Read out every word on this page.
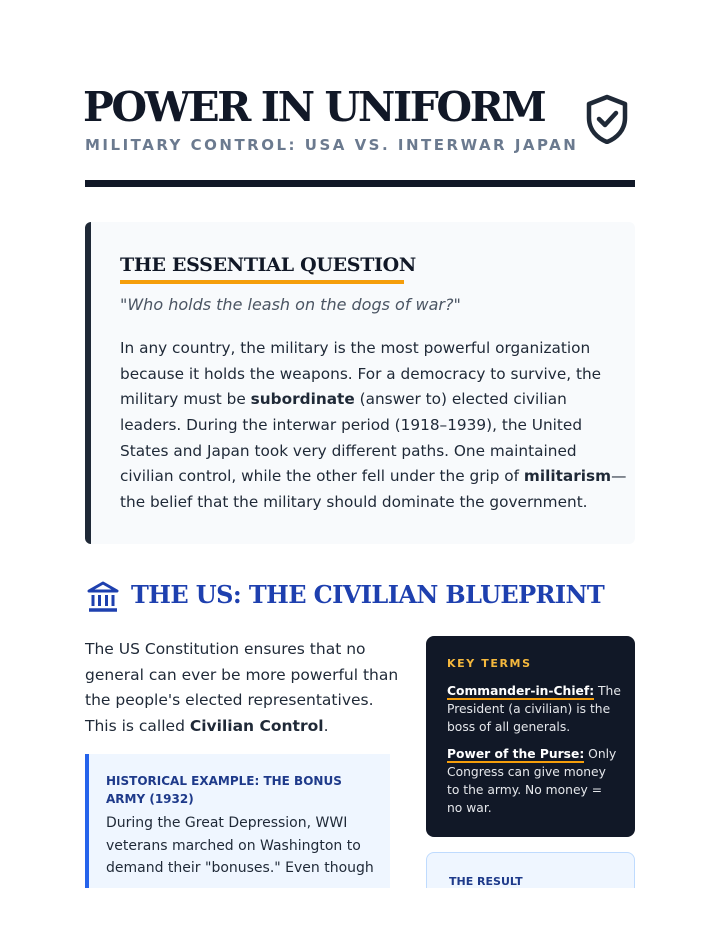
POWER IN UNIFORM
MILITARY CONTROL: USA VS. INTERWAR JAPAN
THE ESSENTIAL QUESTION
"Who holds the leash on the dogs of war?"
In any country, the military is the most powerful organization
because it holds the weapons. For a democracy to survive, the
military must be subordinate (answer to) elected civilian
leaders. During the interwar period (1918–1939), the United
States and Japan took very different paths. One maintained
civilian control, while the other fell under the grip of militarism—
the belief that the military should dominate the government.
THE US: THE CIVILIAN BLUEPRINT
The US Constitution ensures that no
general can ever be more powerful than
the people's elected representatives.
This is called Civilian Control.
HISTORICAL EXAMPLE: THE BONUS ARMY (1932)
During the Great Depression, WWI
veterans marched on Washington to
demand their "bonuses." Even though
KEY TERMS
Commander-in-Chief: The
President (a civilian) is the
boss of all generals.
Power of the Purse: Only
Congress can give money
to the army. No money =
no war.
THE RESULT
